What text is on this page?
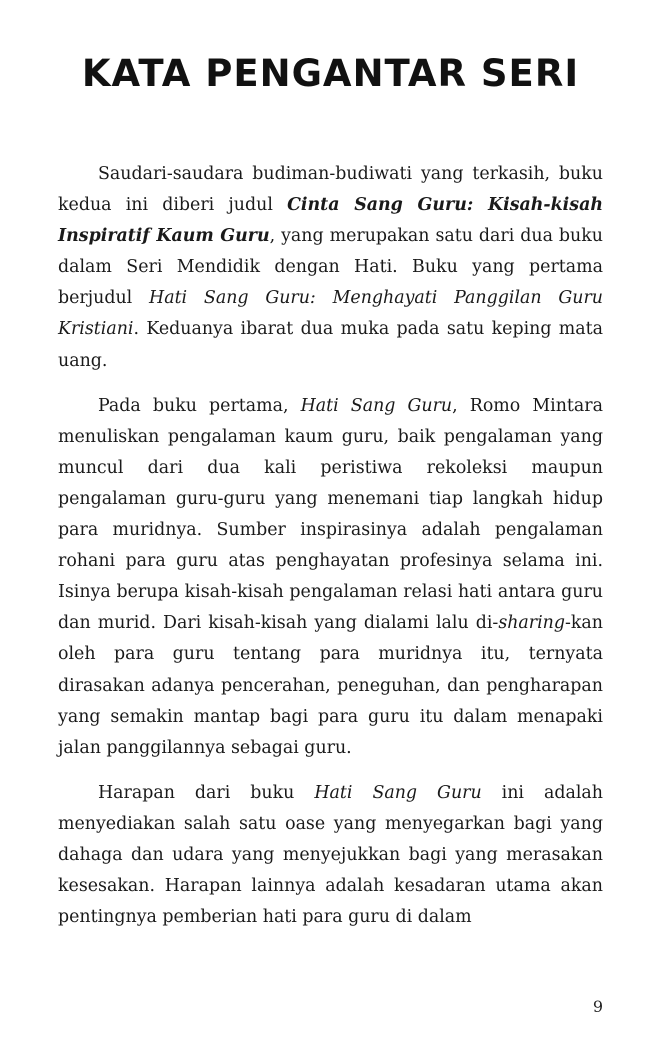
KATA PENGANTAR SERI

Saudari-saudara budiman-budiwati yang terkasih, buku kedua ini diberi judul Cinta Sang Guru: Kisah-kisah Inspiratif Kaum Guru, yang merupakan satu dari dua buku dalam Seri Mendidik dengan Hati. Buku yang pertama berjudul Hati Sang Guru: Menghayati Panggilan Guru Kristiani. Keduanya ibarat dua muka pada satu keping mata uang.

Pada buku pertama, Hati Sang Guru, Romo Mintara menuliskan pengalaman kaum guru, baik pengalaman yang muncul dari dua kali peristiwa rekoleksi maupun pengalaman guru-guru yang menemani tiap langkah hidup para muridnya. Sumber inspirasinya adalah pengalaman rohani para guru atas penghayatan profesinya selama ini. Isinya berupa kisah-kisah pengalaman relasi hati antara guru dan murid. Dari kisah-kisah yang dialami lalu di-sharing-kan oleh para guru tentang para muridnya itu, ternyata dirasakan adanya pencerahan, peneguhan, dan pengharapan yang semakin mantap bagi para guru itu dalam menapaki jalan panggilannya sebagai guru.

Harapan dari buku Hati Sang Guru ini adalah menyediakan salah satu oase yang menyegarkan bagi yang dahaga dan udara yang menyejukkan bagi yang merasakan kesesakan. Harapan lainnya adalah kesadaran utama akan pentingnya pemberian hati para guru di dalam

9
